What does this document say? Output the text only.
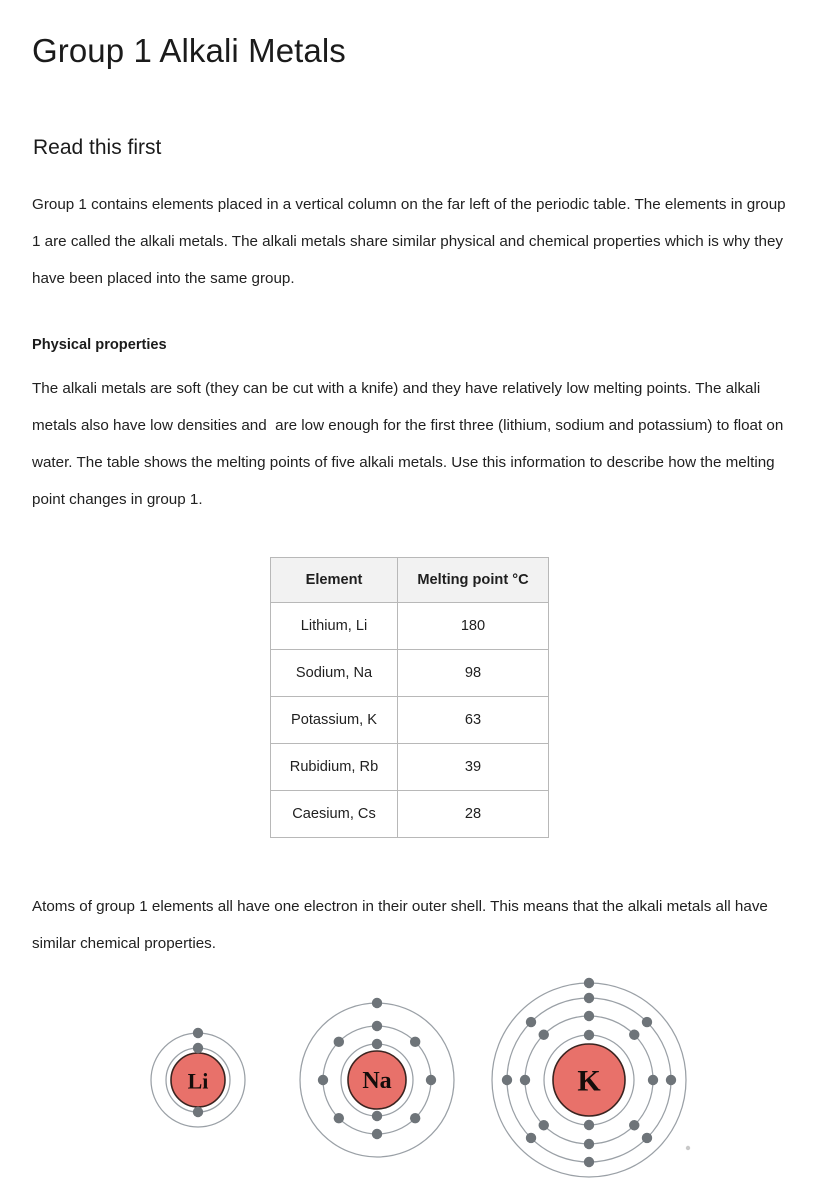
Group 1 Alkali Metals
Read this first

Group 1 contains elements placed in a vertical column on the far left of the periodic table. The elements in group 1 are called the alkali metals. The alkali metals share similar physical and chemical properties which is why they have been placed into the same group.

Physical properties

The alkali metals are soft (they can be cut with a knife) and they have relatively low melting points. The alkali metals also have low densities and  are low enough for the first three (lithium, sodium and potassium) to float on water. The table shows the melting points of five alkali metals. Use this information to describe how the melting point changes in group 1.

Element	Melting point °C
Lithium, Li	180
Sodium, Na	98
Potassium, K	63
Rubidium, Rb	39
Caesium, Cs	28

Atoms of group 1 elements all have one electron in their outer shell. This means that the alkali metals all have similar chemical properties.

Li	Na	K
